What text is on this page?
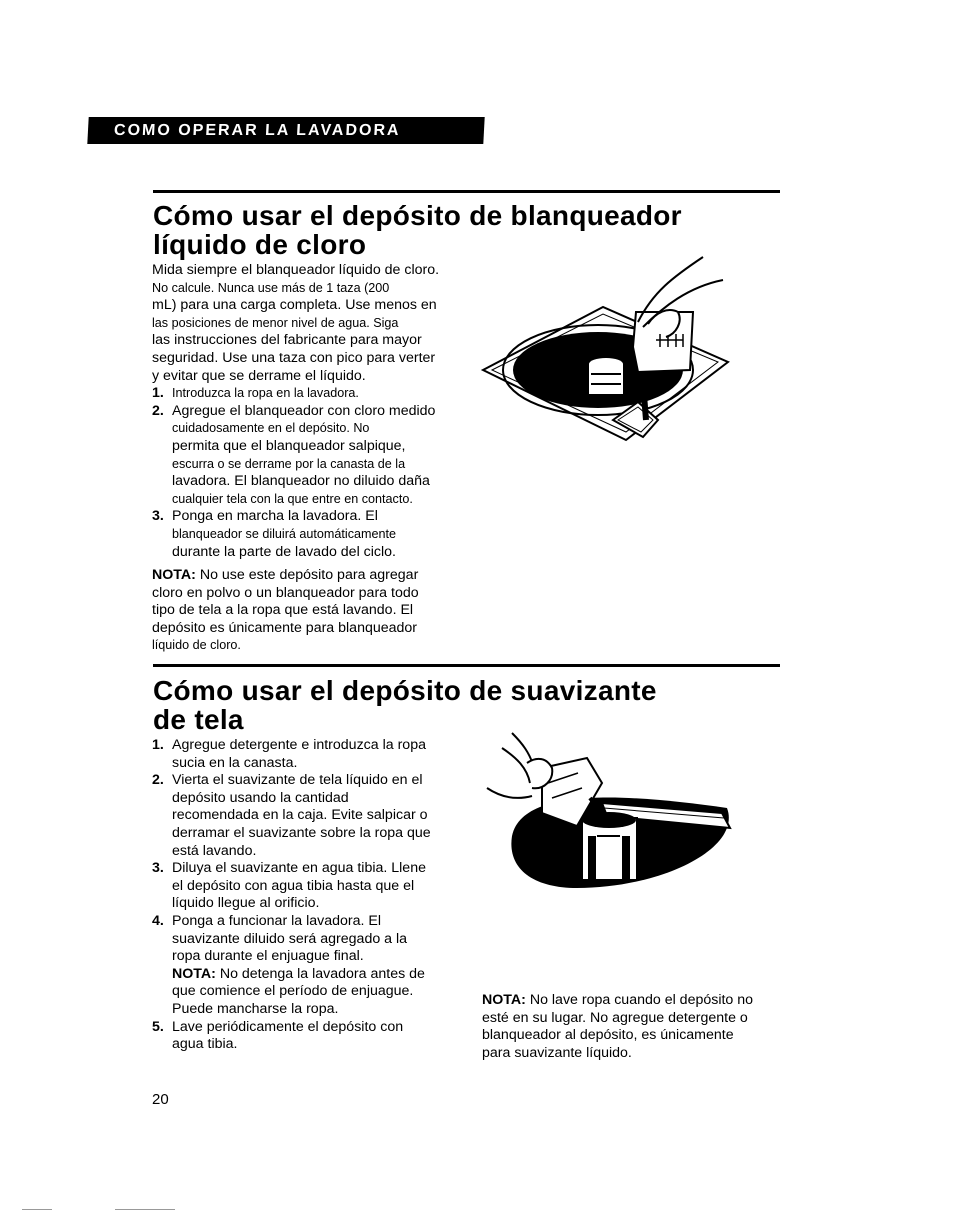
COMO OPERAR LA LAVADORA
Cómo usar el depósito de blanqueador
líquido de cloro

Mida siempre el blanqueador líquido de cloro.

No calcule. Nunca use más de 1 taza (200

mL) para una carga completa. Use menos en

las posiciones de menor nivel de agua. Siga

las instrucciones del fabricante para mayor

seguridad. Use una taza con pico para verter

y evitar que se derrame el líquido.

1. Introduzca la ropa en la lavadora.

2. Agregue el blanqueador con cloro medido

cuidadosamente en el depósito. No

permita que el blanqueador salpique,

escurra o se derrame por la canasta de la

lavadora. El blanqueador no diluido daña

cualquier tela con la que entre en contacto.

3. Ponga en marcha la lavadora. El

blanqueador se diluirá automáticamente

durante la parte de lavado del ciclo.

NOTA: No use este depósito para agregar

cloro en polvo o un blanqueador para todo

tipo de tela a la ropa que está lavando. El

depósito es únicamente para blanqueador

líquido de cloro.

Cómo usar el depósito de suavizante
de tela
1. Agregue detergente e introduzca la ropa

sucia en la canasta.

2. Vierta el suavizante de tela líquido en el

depósito usando la cantidad

recomendada en la caja. Evite salpicar o

derramar el suavizante sobre la ropa que

está lavando.

3. Diluya el suavizante en agua tibia. Llene

el depósito con agua tibia hasta que el

líquido llegue al orificio.

4. Ponga a funcionar la lavadora. El

suavizante diluido será agregado a la

ropa durante el enjuague final.

NOTA: No detenga la lavadora antes de

que comience el período de enjuague.

Puede mancharse la ropa.

5. Lave periódicamente el depósito con

agua tibia.

NOTA: No lave ropa cuando el depósito no

esté en su lugar. No agregue detergente o

blanqueador al depósito, es únicamente

para suavizante líquido.

20
